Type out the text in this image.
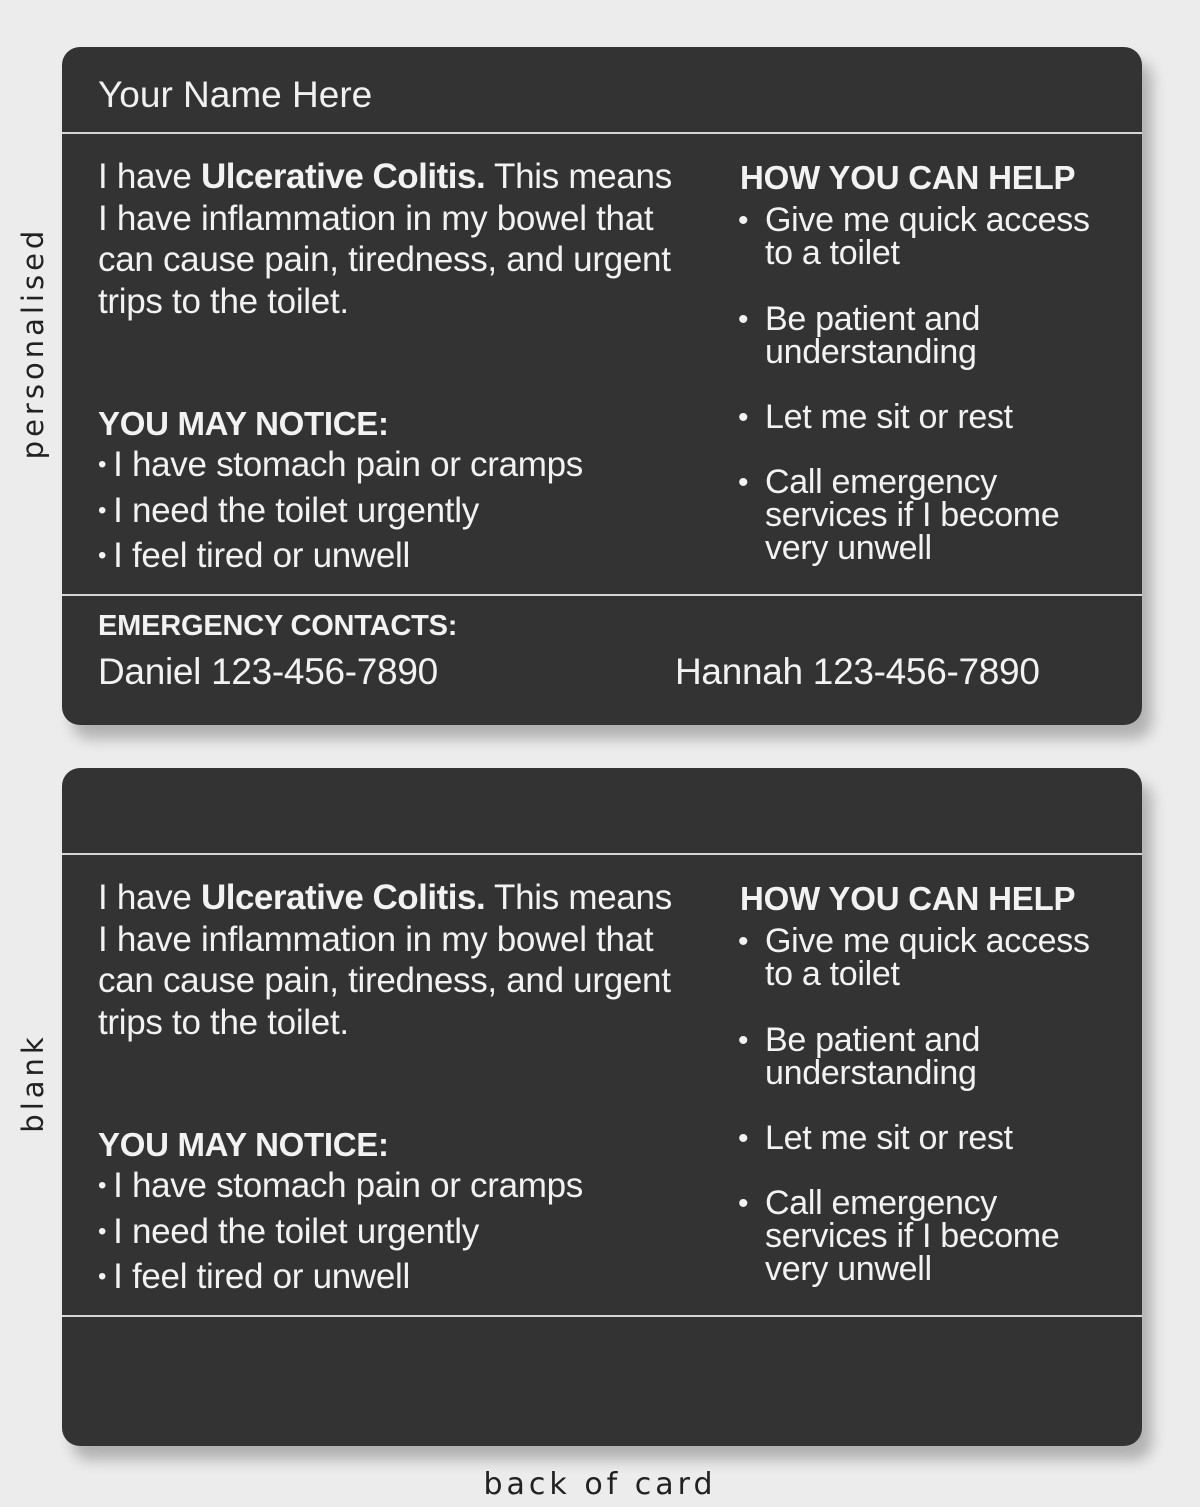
personalised
blank
Your Name Here
I have Ulcerative Colitis. This means I have inflammation in my bowel that can cause pain, tiredness, and urgent trips to the toilet.
YOU MAY NOTICE:
• I have stomach pain or cramps
• I need the toilet urgently
• I feel tired or unwell
HOW YOU CAN HELP
• Give me quick access to a toilet
• Be patient and understanding
• Let me sit or rest
• Call emergency services if I become very unwell
EMERGENCY CONTACTS:
Daniel 123-456-7890	Hannah 123-456-7890
I have Ulcerative Colitis. This means I have inflammation in my bowel that can cause pain, tiredness, and urgent trips to the toilet.
YOU MAY NOTICE:
• I have stomach pain or cramps
• I need the toilet urgently
• I feel tired or unwell
HOW YOU CAN HELP
• Give me quick access to a toilet
• Be patient and understanding
• Let me sit or rest
• Call emergency services if I become very unwell
back of card
